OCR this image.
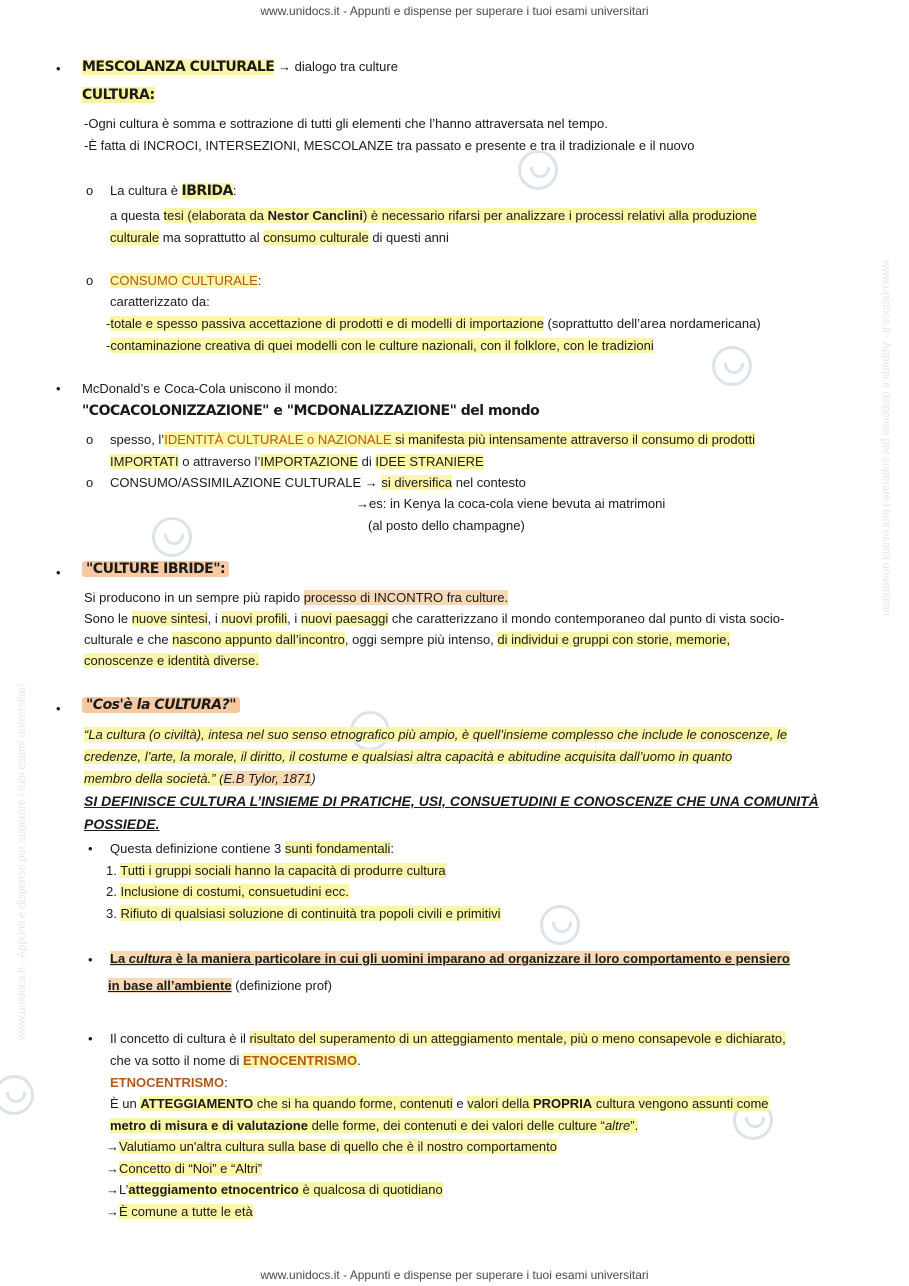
www.unidocs.it - Appunti e dispense per superare i tuoi esami universitari
www.unidocs.it - Appunti e dispense per superare i tuoi esami universitari
www.unidocs.it - Appunti e dispense per superare i tuoi esami universitari
www.unidocs.it - Appunti e dispense per superare i tuoi esami universitari
• MESCOLANZA CULTURALE → dialogo tra culture
CULTURA:
-Ogni cultura è somma e sottrazione di tutti gli elementi che l’hanno attraversata nel tempo.
-È fatta di INCROCI, INTERSEZIONI, MESCOLANZE tra passato e presente e tra il tradizionale e il nuovo
o La cultura è IBRIDA:
a questa tesi (elaborata da Nestor Canclini) è necessario rifarsi per analizzare i processi relativi alla produzione
culturale ma soprattutto al consumo culturale di questi anni
o CONSUMO CULTURALE:
caratterizzato da:
-totale e spesso passiva accettazione di prodotti e di modelli di importazione (soprattutto dell’area nordamericana)
-contaminazione creativa di quei modelli con le culture nazionali, con il folklore, con le tradizioni
• McDonald’s e Coca-Cola uniscono il mondo:
"COCACOLONIZZAZIONE" e "MCDONALIZZAZIONE" del mondo
o spesso, l’IDENTITÀ CULTURALE o NAZIONALE si manifesta più intensamente attraverso il consumo di prodotti
IMPORTATI o attraverso l’IMPORTAZIONE di IDEE STRANIERE
o CONSUMO/ASSIMILAZIONE CULTURALE → si diversifica nel contesto
→es: in Kenya la coca-cola viene bevuta ai matrimoni
(al posto dello champagne)
• "CULTURE IBRIDE":
Si producono in un sempre più rapido processo di INCONTRO fra culture.
Sono le nuove sintesi, i nuovi profili, i nuovi paesaggi che caratterizzano il mondo contemporaneo dal punto di vista socio-
culturale e che nascono appunto dall’incontro, oggi sempre più intenso, di individui e gruppi con storie, memorie,
conoscenze e identità diverse.
• "Cos'è la CULTURA?"
“La cultura (o civiltà), intesa nel suo senso etnografico più ampio, è quell’insieme complesso che include le conoscenze, le
credenze, l’arte, la morale, il diritto, il costume e qualsiasi altra capacità e abitudine acquisita dall’uomo in quanto
membro della società.” (E.B Tylor, 1871)
SI DEFINISCE CULTURA L’INSIEME DI PRATICHE, USI, CONSUETUDINI E CONOSCENZE CHE UNA COMUNITÀ
POSSIEDE.
• Questa definizione contiene 3 sunti fondamentali:
1. Tutti i gruppi sociali hanno la capacità di produrre cultura
2. Inclusione di costumi, consuetudini ecc.
3. Rifiuto di qualsiasi soluzione di continuità tra popoli civili e primitivi
• La cultura è la maniera particolare in cui gli uomini imparano ad organizzare il loro comportamento e pensiero
in base all’ambiente (definizione prof)
• Il concetto di cultura è il risultato del superamento di un atteggiamento mentale, più o meno consapevole e dichiarato,
che va sotto il nome di ETNOCENTRISMO.
ETNOCENTRISMO:
È un ATTEGGIAMENTO che si ha quando forme, contenuti e valori della PROPRIA cultura vengono assunti come
metro di misura e di valutazione delle forme, dei contenuti e dei valori delle culture “altre”.
→Valutiamo un'altra cultura sulla base di quello che è il nostro comportamento
→Concetto di “Noi” e “Altri”
→L’atteggiamento etnocentrico è qualcosa di quotidiano
→È comune a tutte le età
